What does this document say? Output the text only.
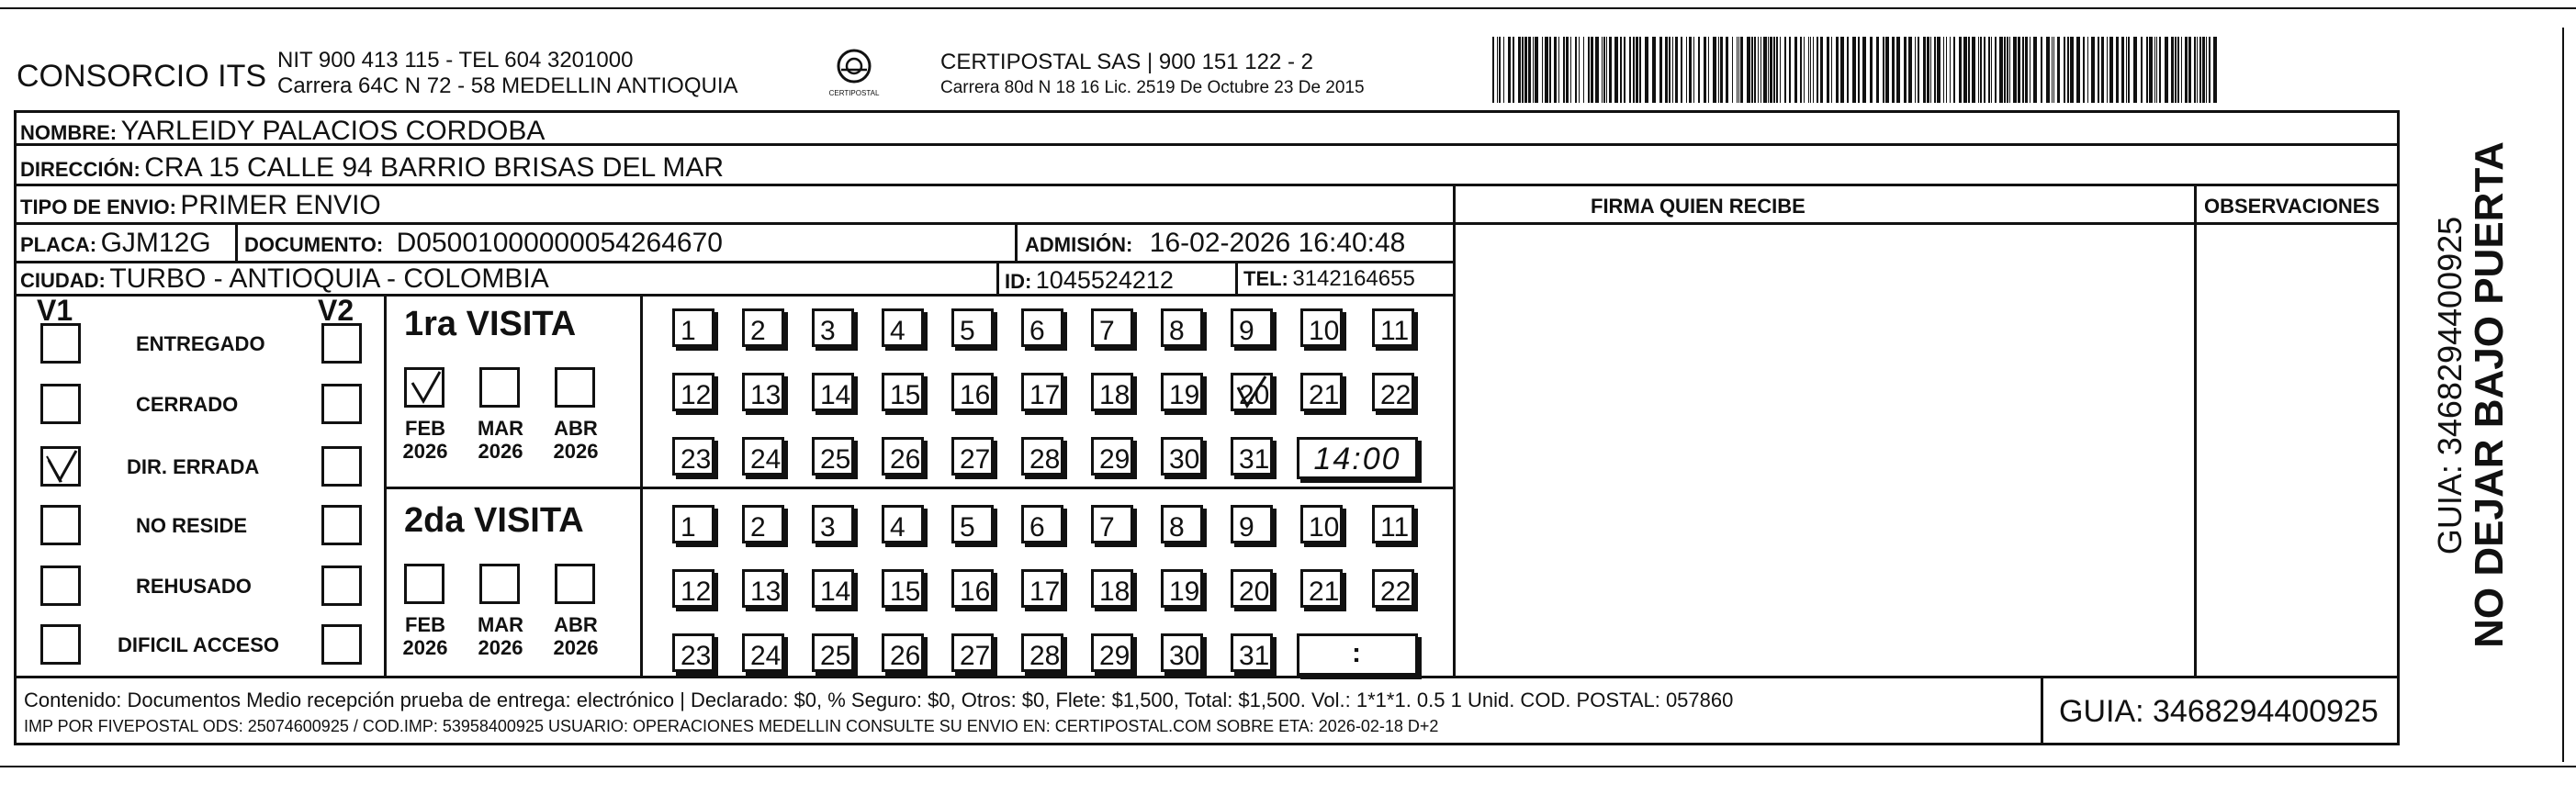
CONSORCIO ITS NIT 900 413 115 - TEL 604 3201000
Carrera 64C N 72 - 58 MEDELLIN ANTIOQUIA	CERTIPOSTAL
CERTIPOSTAL SAS | 900 151 122 - 2
Carrera 80d N 18 16 Lic. 2519 De Octubre 23 De 2015
NOMBRE: YARLEIDY PALACIOS CORDOBA
DIRECCIÓN: CRA 15 CALLE 94 BARRIO BRISAS DEL MAR
TIPO DE ENVIO: PRIMER ENVIO	FIRMA QUIEN RECIBE	OBSERVACIONES
PLACA: GJM12G DOCUMENTO: D05001000000054264670	ADMISIÓN: 16-02-2026 16:40:48
CIUDAD: TURBO - ANTIOQUIA - COLOMBIA	ID: 1045524212	TEL: 3142164655
V1	V2
ENTREGADO
CERRADO
DIR. ERRADA
NO RESIDE
REHUSADO
DIFICIL ACCESO
1ra VISITA
FEB
2026
MAR
2026
ABR
2026
1 2 3 4 5 6 7 8 9 10 11
12 13 14 15 16 17 18 19 20 21 22
23 24 25 26 27 28 29 30 31	14:00
2da VISITA
FEB
2026
MAR
2026
ABR
2026
1 2 3 4 5 6 7 8 9 10 11
12 13 14 15 16 17 18 19 20 21 22
23 24 25 26 27 28 29 30 31	:
Contenido: Documentos Medio recepción prueba de entrega: electrónico | Declarado: $0, % Seguro: $0, Otros: $0, Flete: $1,500, Total: $1,500. Vol.: 1*1*1. 0.5 1 Unid. COD. POSTAL: 057860
IMP POR FIVEPOSTAL ODS: 25074600925 / COD.IMP: 53958400925 USUARIO: OPERACIONES MEDELLIN CONSULTE SU ENVIO EN: CERTIPOSTAL.COM SOBRE ETA: 2026-02-18 D+2	GUIA: 3468294400925
NO DEJAR BAJO PUERTA
GUIA: 3468294400925
